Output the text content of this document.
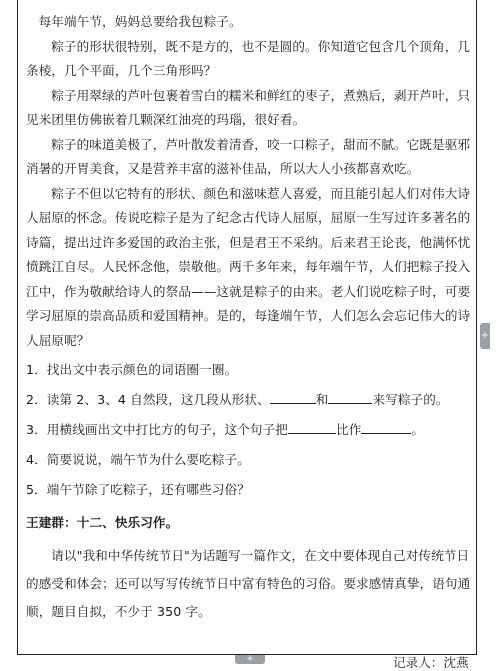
每年端午节，妈妈总要给我包粽子。

粽子的形状很特别，既不是方的，也不是圆的。你知道它包含几个顶角，几条棱，几个平面，几个三角形吗？

粽子用翠绿的芦叶包裹着雪白的糯米和鲜红的枣子，煮熟后，剥开芦叶，只见米团里仿佛嵌着几颗深红油亮的玛瑙，很好看。

粽子的味道美极了，芦叶散发着清香，咬一口粽子，甜而不腻。它既是驱邪消暑的开胃美食，又是营养丰富的滋补佳品，所以大人小孩都喜欢吃。

粽子不但以它特有的形状、颜色和滋味惹人喜爱，而且能引起人们对伟大诗人屈原的怀念。传说吃粽子是为了纪念古代诗人屈原，屈原一生写过许多著名的诗篇，提出过许多爱国的政治主张，但是君王不采纳。后来君王论丧，他满怀忧愤跳江自尽。人民怀念他，崇敬他。两千多年来，每年端午节，人们把粽子投入江中，作为敬献给诗人的祭品——这就是粽子的由来。老人们说吃粽子时，可要学习屈原的崇高品质和爱国精神。是的，每逢端午节，人们怎么会忘记伟大的诗人屈原呢？

1．找出文中表示颜色的词语圈一圈。

2．读第 2、3、4 自然段，这几段从形状、	和	来写粽子的。

3．用横线画出文中打比方的句子，这个句子把	比作	。

4．简要说说，端午节为什么要吃粽子。

5．端午节除了吃粽子，还有哪些习俗？

王建群：十二、快乐习作。

请以"我和中华传统节日"为话题写一篇作文，在文中要体现自己对传统节日的感受和体会；还可以写写传统节日中富有特色的习俗。要求感情真挚，语句通顺，题目自拟，不少于 350 字。

+
+	记录人：沈燕
